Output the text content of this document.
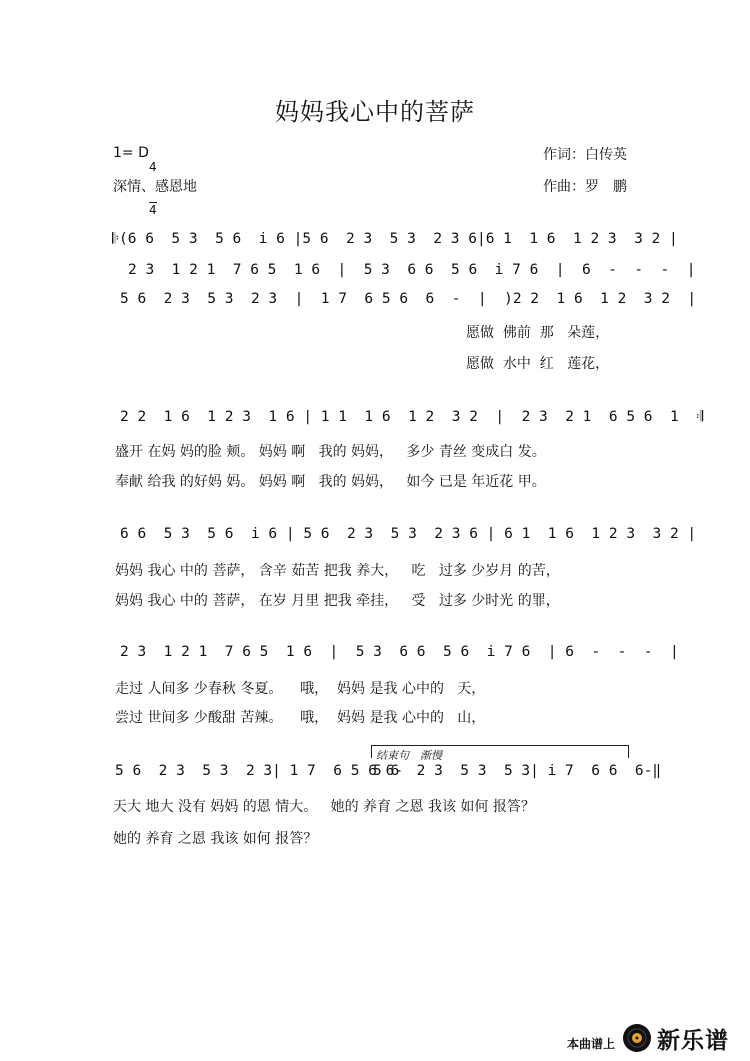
妈妈我心中的菩萨
1= D

$\frac{4}{4}$

深情、感恩地
作词：白传英
作曲：罗　鹏
𝄆(6 6  5 3  5 6  i 6 |5 6  2 3  5 3  2 3 6|6 1  1 6  1 2 3  3 2 |
2 3  1 2 1  7 6 5  1 6  |  5 3  6 6  5 6  i 7 6  |  6  -  -  -  |
5 6  2 3  5 3  2 3  |  1 7  6 5 6  6  -  |  )2 2  1 6  1 2  3 2  |
愿做  佛前  那   朵莲，
愿做  水中  红   莲花，
2 2  1 6  1 2 3  1 6 | 1 1  1 6  1 2  3 2  |  2 3  2 1  6 5 6  1  𝄇
盛开 在妈 妈的脸 颊。 妈妈 啊   我的 妈妈，   多少 青丝 变成白 发。
奉献 给我 的好妈 妈。 妈妈 啊   我的 妈妈，   如今 已是 年近花 甲。
6 6  5 3  5 6  i 6 | 5 6  2 3  5 3  2 3 6 | 6 1  1 6  1 2 3  3 2 |
妈妈 我心 中的 菩萨， 含辛 茹苦 把我 养大，   吃   过多 少岁月 的苦，
妈妈 我心 中的 菩萨， 在岁 月里 把我 牵挂，   受   过多 少时光 的罪，
2 3  1 2 1  7 6 5  1 6  |  5 3  6 6  5 6  i 7 6  | 6  -  -  -  |
走过 人间多 少春秋 冬夏。    哦，  妈妈 是我 心中的   天，
尝过 世间多 少酸甜 苦辣。    哦，  妈妈 是我 心中的   山，
结束句　渐慢
5 6  2 3  5 3  2 3| 1 7  6 5 6 6-
5 6  2 3  5 3  5 3| i 7  6 6  6-‖
天大 地大 没有 妈妈 的恩 情大。   她的 养育 之恩 我该 如何 报答？
她的 养育 之恩 我该 如何 报答？
本曲谱上 新乐谱
